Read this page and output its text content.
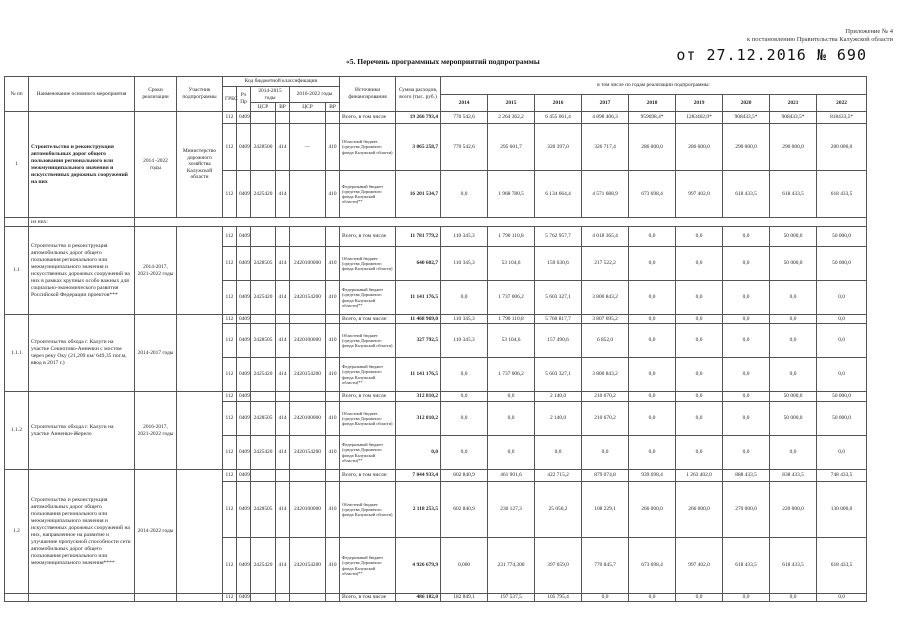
Приложение № 4
к постановлению Правительства Калужской области
от 27.12.2016 № 690
«5. Перечень программных мероприятий подпрограммы
№ пп	Наименование основного мероприятия	Сроки реализации	Участник подпрограммы	Код бюджетной классификации						Источники финансирования	Сумма расходов, всего (тыс. руб.)	в том числе по годам реализации подпрограммы:								
				ГРБС	Рз Пр	2014-2015 годы		2016-2022 годы												
												2014	2015	2016	2017	2018	2019	2020	2021	2022
						ЦСР	ВР	ЦСР	ВР											
1	Строительство и реконструкция автомобильных дорог общего пользования регионального или межмуниципального значения и искусственных дорожных сооружений на них	2014 -2022 годы	Министерство дорожного хозяйства Калужской области	112	0409					Всего, в том числе	19 266 793,4	770 542,6	2 264 362,2	6 455 061,4	4 898 406,3	959698,4*	1283402,0*	908433,5*	908433,5*	818433,5*
				112	0409	2428500	414	—	410	Областной бюджет (средства Дорожного фонда Калужской области)	3 065 258,7	770 542,6	295 601,7	320 397,0	326 717,4	286 000,0	286 000,0	290 000,0	290 000,0	200 000,0
				112	0409	2425420	414		410	Федеральный бюджет (средства Дорожного фонда Калужской области)**	16 201 534,7	0,0	1 968 780,5	6 134 664,4	4 571 688,9	673 698,4	997 402,0	618 433,5	618 433,5	618 433,5
	из них:																			
1.1	Строительство и реконструкция автомобильных дорог общего пользования регионального или межмуниципального значения и искусственных дорожных сооружений на них в рамках крупных особо важных для социально-экономического развития Российской Федерации проектов***	2014-2017, 2021-2022 годы		112	0409					Всего, в том числе	11 781 779,2	110 345,3	1 790 110,8	5 762 957,7	4 018 365,4	0,0	0,0	0,0	50 000,0	50 000,0
				112	0409	2428505	414	2420100000	410	Областной бюджет (средства Дорожного фонда Калужской области)	640 602,7	110 345,3	53 104,6	159 630,6	217 522,2	0,0	0,0	0,0	50 000,0	50 000,0
				112	0409	2425420	414	2420154200	410	Федеральный бюджет (средства Дорожного фонда Калужской области)**	11 141 176,5	0,0	1 737 006,2	5 603 327,1	3 800 843,2	0,0	0,0	0,0	0,0	0,0
1.1.1	Строительство обхода г. Калуги на участке Секиотово-Анненки с мостом через реку Оку (21,209 км/ 649,35 пог.м, ввод в 2017 г.)	2014-2017 годы		112	0409					Всего, в том числе:	11 468 969,0	110 345,3	1 790 110,8	5 760 817,7	3 807 695,2	0,0	0,0	0,0	0,0	0,0
				112	0409	2428505	414	2420100000	410	Областной бюджет (средства Дорожного фонда Калужской области)	327 792,5	110 345,3	53 104,6	157 490,6	6 852,0	0,0	0,0	0,0	0,0	0,0
				112	0409	2425420	414	2420154200	410	Федеральный бюджет (средства Дорожного фонда Калужской области)**	11 141 176,5	0,0	1 737 006,2	5 603 327,1	3 800 843,2	0,0	0,0	0,0	0,0	0,0
1.1.2	Строительство обхода г. Калуги на участке Анненки-Жерело	2016-2017, 2021-2022 годы		112	0409					Всего, в том числе	312 810,2	0,0	0,0	2 140,0	210 670,2	0,0	0,0	0,0	50 000,0	50 000,0
				112	0409	2428505	414	2420100000	410	Областной бюджет (средства Дорожного фонда Калужской области)	312 810,2	0,0	0,0	2 140,0	210 670,2	0,0	0,0	0,0	50 000,0	50 000,0
				112	0409	2425420	414	2420154200	410	Федеральный бюджет (средства Дорожного фонда Калужской области)**	0,0	0,0	0,0	0,0	0,0	0,0	0,0	0,0	0,0	0,0
1.2	Строительство и реконструкция автомобильных дорог общего пользования регионального или межмуниципального значения и искусственных дорожных сооружений на них, направленное на развитие и улучшение пропускной способности сети автомобильных дорог общего пользования регионального или межмуниципального значения****	2014-2022 годы		112	0409					Всего, в том числе:	7 044 933,4	602 840,9	461 901,6	422 715,2	879 074,8	939 698,4	1 263 402,0	888 433,5	838 433,5	748 433,5
				112	0409	2428505	414	2420100000	410	Областной бюджет (средства Дорожного фонда Калужской области)	2 118 253,5	602 840,9	230 127,3	25 056,2	108 229,1	266 000,0	266 000,0	270 000,0	220 000,0	130 000,0
				112	0409	2425420	414	2420154200	410	Федеральный бюджет (средства Дорожного фонда Калужской области)**	4 926 679,9	0,000	231 774,300	397 659,0	770 845,7	673 698,4	997 402,0	618 433,5	618 433,5	618 433,5
				112	0409					Всего, в том числе	486 182,0	182 849,1	197 537,5	105 795,4	0,0	0,0	0,0	0,0	0,0	0,0
